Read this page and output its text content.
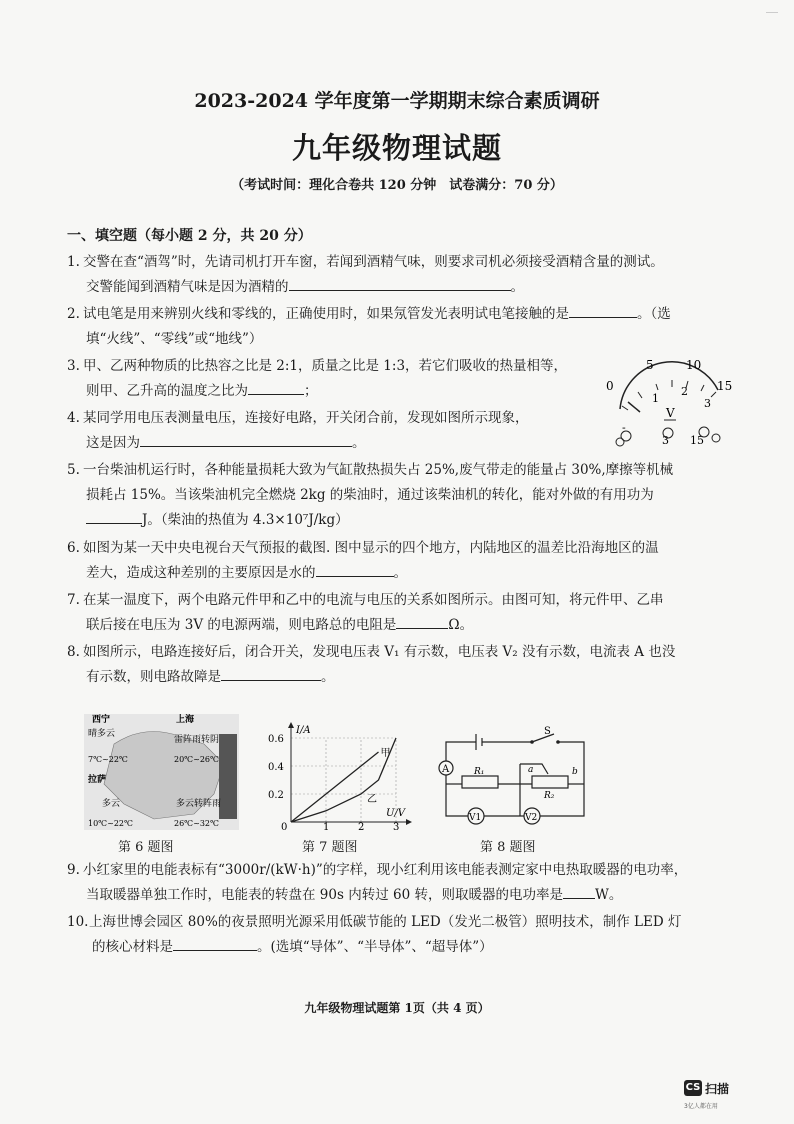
2023-2024 学年度第一学期期末综合素质调研
九年级物理试题
（考试时间：理化合卷共 120 分钟　试卷满分：70 分）
一、填空题（每小题 2 分，共 20 分）
1. 交警在查“酒驾”时，先请司机打开车窗，若闻到酒精气味，则要求司机必须接受酒精含量的测试。
交警能闻到酒精气味是因为酒精的	。
2. 试电笔是用来辨别火线和零线的，正确使用时，如果氖管发光表明试电笔接触的是	。（选
填“火线”、“零线”或“地线”）
3. 甲、乙两种物质的比热容之比是 2:1，质量之比是 1:3，若它们吸收的热量相等，
则甲、乙升高的温度之比为	；
4. 某同学用电压表测量电压，连接好电路，开关闭合前，发现如图所示现象，
这是因为	。
5	10
0	15
1
2
3
V
-
3 15
5. 一台柴油机运行时，各种能量损耗大致为气缸散热损失占 25%,废气带走的能量占 30%,摩擦等机械
损耗占 15%。当该柴油机完全燃烧 2kg 的柴油时，通过该柴油机的转化，能对外做的有用功为
J。（柴油的热值为 4.3×10⁷J/kg）
6. 如图为某一天中央电视台天气预报的截图. 图中显示的四个地方，内陆地区的温差比沿海地区的温
差大，造成这种差别的主要原因是水的	。
7. 在某一温度下，两个电路元件甲和乙中的电流与电压的关系如图所示。由图可知，将元件甲、乙串
联后接在电压为 3V 的电源两端，则电路总的电阻是	Ω。
8. 如图所示，电路连接好后，闭合开关，发现电压表 V₁ 有示数，电压表 V₂ 没有示数，电流表 A 也没
有示数，则电路故障是	。
西宁
晴多云
7℃~22℃
上海
雷阵雨转阴
20℃~26℃
拉萨
多云
10℃~22℃
多云转阵雨
26℃~32℃
第 6 题图
I/A
U/V
0
0.2
0.4
0.6
1	2	3
甲
乙
第 7 题图
S
A	R₁	a	b
R₂
V1	V2
第 8 题图
9. 小红家里的电能表标有“3000r/(kW·h)”的字样，现小红利用该电能表测定家中电热取暖器的电功率，
当取暖器单独工作时，电能表的转盘在 90s 内转过 60 转，则取暖器的电功率是 W。
10.上海世博会园区 80%的夜景照明光源采用低碳节能的 LED（发光二极管）照明技术，制作 LED 灯
的核心材料是	。(选填“导体”、“半导体”、“超导体”）
九年级物理试题第 1页（共 4 页）
CS 扫描
3亿人都在用
